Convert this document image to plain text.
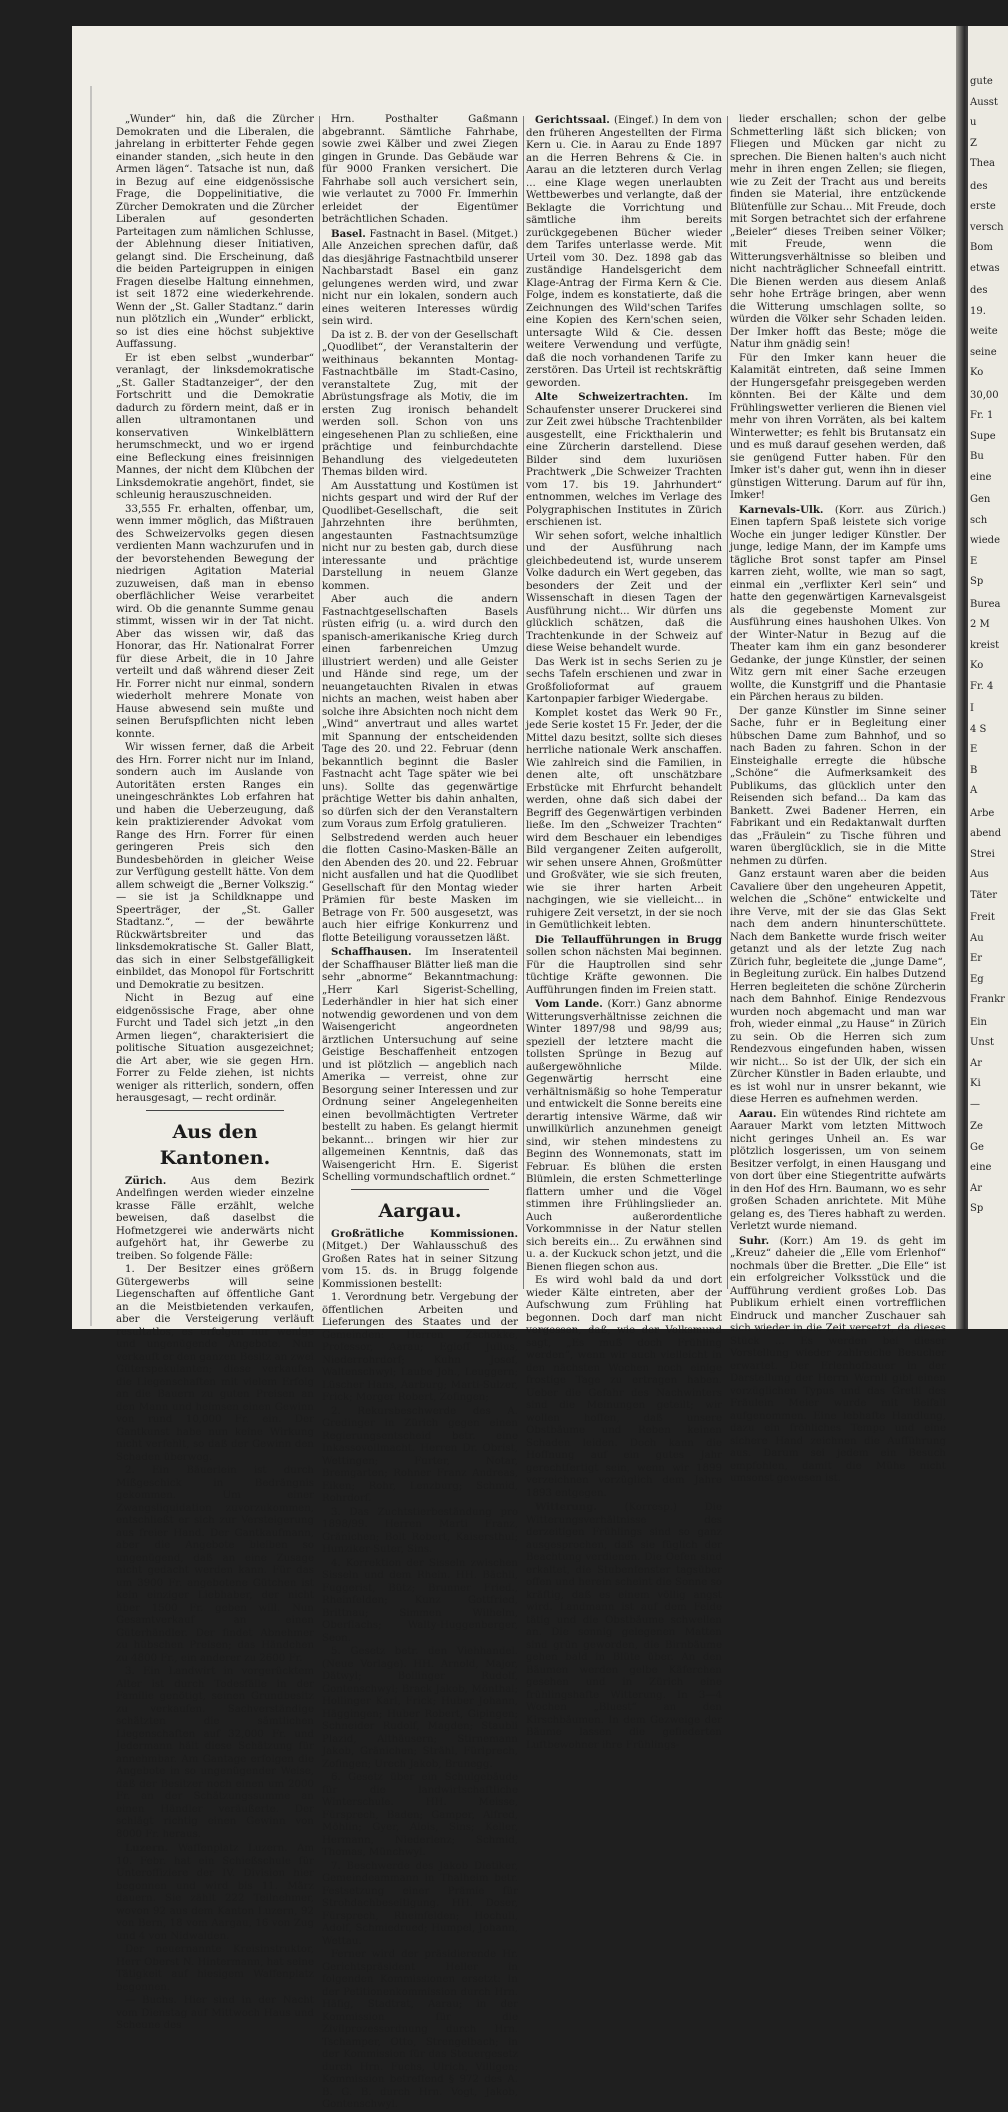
„Wunder“ hin, daß die Zürcher Demokraten und die Liberalen, die jahrelang in erbitterter Fehde gegen einander standen, „sich heute in den Armen lägen“. Tatsache ist nun, daß in Bezug auf eine eidgenössische Frage, die Doppelinitiative, die Zürcher Demokraten und die Zürcher Liberalen auf gesonderten Parteitagen zum nämlichen Schlusse, der Ablehnung dieser Initiativen, gelangt sind. Die Erscheinung, daß die beiden Parteigruppen in einigen Fragen dieselbe Haltung einnehmen, ist seit 1872 eine wiederkehrende. Wenn der „St. Galler Stadtanz.“ darin nun plötzlich ein „Wunder“ erblickt, so ist dies eine höchst subjektive Auffassung.

Er ist eben selbst „wunderbar“ veranlagt, der linksdemokratische „St. Galler Stadtanzeiger“, der den Fortschritt und die Demokratie dadurch zu fördern meint, daß er in allen ultramontanen und konservativen Winkelblättern herumschmeckt, und wo er irgend eine Befleckung eines freisinnigen Mannes, der nicht dem Klübchen der Linksdemokratie angehört, findet, sie schleunig herauszuschneiden.

33,555 Fr. erhalten, offenbar, um, wenn immer möglich, das Mißtrauen des Schweizervolks gegen diesen verdienten Mann wachzurufen und in der bevorstehenden Bewegung der niedrigen Agitation Material zuzuweisen, daß man in ebenso oberflächlicher Weise verarbeitet wird. Ob die genannte Summe genau stimmt, wissen wir in der Tat nicht. Aber das wissen wir, daß das Honorar, das Hr. Nationalrat Forrer für diese Arbeit, die in 10 Jahre verteilt und daß während dieser Zeit Hr. Forrer nicht nur einmal, sondern wiederholt mehrere Monate von Hause abwesend sein mußte und seinen Berufspflichten nicht leben konnte.

Wir wissen ferner, daß die Arbeit des Hrn. Forrer nicht nur im Inland, sondern auch im Auslande von Autoritäten ersten Ranges ein uneingeschränktes Lob erfahren hat und haben die Ueberzeugung, daß kein praktizierender Advokat vom Range des Hrn. Forrer für einen geringeren Preis sich den Bundesbehörden in gleicher Weise zur Verfügung gestellt hätte. Von dem allem schweigt die „Berner Volkszig.“ — sie ist ja Schildknappe und Speerträger, der „St. Galler Stadtanz.“, — der bewährte Rückwärtsbreiter und das linksdemokratische St. Galler Blatt, das sich in einer Selbstgefälligkeit einbildet, das Monopol für Fortschritt und Demokratie zu besitzen.

Nicht in Bezug auf eine eidgenössische Frage, aber ohne Furcht und Tadel sich jetzt „in den Armen liegen“, charakterisiert die politische Situation ausgezeichnet; die Art aber, wie sie gegen Hrn. Forrer zu Felde ziehen, ist nichts weniger als ritterlich, sondern, offen herausgesagt, — recht ordinär.

Aus den Kantonen.

Zürich. Aus dem Bezirk Andelfingen werden wieder einzelne krasse Fälle erzählt, welche beweisen, daß daselbst die Hofmetzgerei wie anderwärts nicht aufgehört hat, ihr Gewerbe zu treiben. So folgende Fälle:

1. Der Besitzer eines größern Gütergewerbs will seine Liegenschaften auf öffentliche Gant an die Meistbietenden verkaufen, aber die Versteigerung verläuft resultatlos, es erfolgen nur wenige und ungenügende Angebote. Nun verkauft er den ganzen Besitz an zwei Güterspekulanten; diese verkaufen die Liegenschaften mit vielem Erfolg an die Bauern zu guten Preisen an den Mann und heimsen einen Gewinn von rund 10,000 Fr. ein. Der Gantkunst habe nun keine Wirkung nicht verfehlt, so daß der Gewinn den Schaden überwog.

2. Ein Bäuerlein ist durch Mißgeschick in Bedrängnis gekommen. Um einer Zwangsliquidation zuvorzukommen, entschließt er sich zur Versteigerung aus freier Hand. Der Gantkaufmann, aber die Angebote bleiben so ungenügend, daß an eine Zusage nicht gedacht werden kann. Für das um 3900 Fr. angebotene Gütchen ist kein einziger Liebhaber, der nicht über 1500 Fr. geben will. Nun Gesamtverkauf an einen Güterhändler. Der findet Abnehmer zu hübschen Preisen; das Händchen zu 4800 Fr., ein anderer zu 2600 Fr.

3. Ein Landwirt in vorgerücktem Alter ist durch Todesfälle in der Familie genötigt, seinen Grundbesitz zu verkaufen. Sachverständige schätzten die sämtlichen Liegenschaften auf 32,000 Fr. und Jedermann hält diese Schätzung für annehmbar. Am Gantage erfolgen die Angebote in so ungenügender Weise, daß der Besitzer noch einen um 2000 Fr. an der Schätzungssumme an einen Händler veräußerte. Der schlägt richtig einen Gewinn von 8000 Fr. heraus.

Luzern. Waffenplatz Luzern. Am 10. Febr. hat ein Schießschule für Unteroffiziere der IV. Division hier begonnen und wird bis 11. März dauern. Sie zählt 222 Teilnehmer, wovon 92 aus dem Kanton Luzern, 92 von Bern, 18 vom Aargau, 16 von Zug und 4 von Nidwalden.

Der neuernannte Kreisinstruktor, Herr Oberst N. Hintermann, hat seine Tätigkeit auf hiesigem Waffenplatz begonnen.

— Buchs. Hier sind in der Nacht vom Dienstag auf Mittwoch Haus und Scheune des

Hrn. Posthalter Gaßmann abgebrannt. Sämtliche Fahrhabe, sowie zwei Kälber und zwei Ziegen gingen in Grunde. Das Gebäude war für 9000 Franken versichert. Die Fahrhabe soll auch versichert sein, wie verlautet zu 7000 Fr. Immerhin erleidet der Eigentümer beträchtlichen Schaden.

Basel. Fastnacht in Basel. (Mitget.) Alle Anzeichen sprechen dafür, daß das diesjährige Fastnachtbild unserer Nachbarstadt Basel ein ganz gelungenes werden wird, und zwar nicht nur ein lokalen, sondern auch eines weiteren Interesses würdig sein wird.

Da ist z. B. der von der Gesellschaft „Quodlibet“, der Veranstalterin der weithinaus bekannten Montag-Fastnachtbälle im Stadt-Casino, veranstaltete Zug, mit der Abrüstungsfrage als Motiv, die im ersten Zug ironisch behandelt werden soll. Schon von uns eingesehenen Plan zu schließen, eine prächtige und feinburchdachte Behandlung des vielgedeuteten Themas bilden wird.

Am Ausstattung und Kostümen ist nichts gespart und wird der Ruf der Quodlibet-Gesellschaft, die seit Jahrzehnten ihre berühmten, angestaunten Fastnachtsumzüge nicht nur zu besten gab, durch diese interessante und prächtige Darstellung in neuem Glanze kommen.

Aber auch die andern Fastnachtgesellschaften Basels rüsten eifrig (u. a. wird durch den spanisch-amerikanische Krieg durch einen farbenreichen Umzug illustriert werden) und alle Geister und Hände sind rege, um der neuangetauchten Rivalen in etwas nichts an machen, weist haben aber solche ihre Absichten noch nicht dem „Wind“ anvertraut und alles wartet mit Spannung der entscheidenden Tage des 20. und 22. Februar (denn bekanntlich beginnt die Basler Fastnacht acht Tage später wie bei uns). Sollte das gegenwärtige prächtige Wetter bis dahin anhalten, so dürfen sich der den Veranstaltern zum Voraus zum Erfolg gratulieren.

Selbstredend werden auch heuer die flotten Casino-Masken-Bälle an den Abenden des 20. und 22. Februar nicht ausfallen und hat die Quodlibet Gesellschaft für den Montag wieder Prämien für beste Masken im Betrage von Fr. 500 ausgesetzt, was auch hier eifrige Konkurrenz und flotte Beteiligung voraussetzen läßt.

Schaffhausen. Im Inseratenteil der Schaffhauser Blätter ließ man die sehr „abnorme“ Bekanntmachung: „Herr Karl Sigerist-Schelling, Lederhändler in hier hat sich einer notwendig gewordenen und von dem Waisengericht angeordneten ärztlichen Untersuchung auf seine Geistige Beschaffenheit entzogen und ist plötzlich — angeblich nach Amerika — verreist, ohne zur Besorgung seiner Interessen und zur Ordnung seiner Angelegenheiten einen bevollmächtigten Vertreter bestellt zu haben. Es gelangt hiermit bekannt... bringen wir hier zur allgemeinen Kenntnis, daß das Waisengericht Hrn. E. Sigerist Schelling vormundschaftlich ordnet.“

Aargau.

Großrätliche Kommissionen. (Mitget.) Der Wahlausschuß des Großen Rates hat in seiner Sitzung vom 15. ds. in Brugg folgende Kommissionen bestellt:

1. Verordnung betr. Vergebung der öffentlichen Arbeiten und Lieferungen des Staates und der Gemeinden: Herren Zschokke, Professor, Aarau; Egloff Julius, Niederrohrdorf; Kuhn Josef, Waltenschwyl; Laube Joh., Leuggern; Lüscher Hans, Aarburg; Marti-Sulzer, Frick; Morger Robert, Zofingen;

2. Rekursbeschwerde des A. Gredinger in Zürich gegen einen Regierungsentscheid betr. eine Inkassovollmacht. Herren Dr. Obrist, Wettingen; Furter, Notar, Bremgarten; Rohner Franz Andreas, Eiken; Rohr, Lenzburg; Schmid, Rohrdorf.

3. Das Zuchtstierbeständung pro 1898/99. Herren Marti Franz, Gränichen; Bolt Robert, Kaisersthul; Hunziker-Suter, Sins.

4. Korrektion der Sisseln zwischen Sisseln und dem Rhein. HH. Bächli, Fuggerist, Bütz; Brunner Fried., Rheinfelden; Kunz Gottfried, Brittnau; Simmen Wilhelm, Oberflachs; Walty-Huggenberger, Seon.

5. Gesetz betr. den Viehhandel. (Neue Vorlage). HH. Arnold, Major, Dätwyl; Bollinger Rudolf, Gontenschwyl; Brack Jakob, Mönthal; Hollinger Karl, Frick; Huber Johann, Häggingen; Huber Robert, Gipingen; Schneider Rudolf, Magden; Staubli Plazid, Althäusern; Stirnemann Jakob, Gränichen; Strähl, Fürlprech, Zofingen; Urech Jakob, Brunegg.

6. Gesetz über ein Schulgebäude für die landwirtschaftliche Winterschule. HH. Meisse, Fürsprech, Baden; Gamper, Alfred, Möhlin; Gyer, Alois, Sins; Keller, Hermann, Niederlenz; Schmid, Thomas, Münchwyl.

7. Beschwerde des Jakob Dietiker, Gemeindeammann in Thalheim betr. Festsetzung einer Prämie für Strohdachbeseitigung. HH. Doser, Fürsprech, Rheinfelden; Hochuli, Adolf, Schmiedrued; Humpel, Johann, Wettau.

Ferner wird der präsidierende Hr. Gerichtspräsident Heller in folgenden Kommissionen ersetzt: In der Petitionenkommission durch Hrn. Häfig, Stadtrat, Aarau; in der Kommission für die Zivilprozessordnung durch Hrn. Tschamper, Otto, Strengelbach; in der Kommission für das Steuergesetz durch Hrn. Fuchs, Ulrich, Villigen; Kommission betreffend § 972 des A. B. G. B. durch Hrn. Vogt, Jakob, Gontenschwyl.

Gerichtssaal. (Eingef.) In dem von den früheren Angestellten der Firma Kern u. Cie. in Aarau zu Ende 1897 an die Herren Behrens & Cie. in Aarau an die letzteren durch Verlag ... eine Klage wegen unerlaubten Wettbewerbes und verlangte, daß der Beklagte die Vorrichtung und sämtliche ihm bereits zurückgegebenen Bücher wieder dem Tarifes unterlasse werde. Mit Urteil vom 30. Dez. 1898 gab das zuständige Handelsgericht dem Klage-Antrag der Firma Kern & Cie. Folge, indem es konstatierte, daß die Zeichnungen des Wild'schen Tarifes eine Kopien des Kern'schen seien, untersagte Wild & Cie. dessen weitere Verwendung und verfügte, daß die noch vorhandenen Tarife zu zerstören. Das Urteil ist rechtskräftig geworden.

Alte Schweizertrachten. Im Schaufenster unserer Druckerei sind zur Zeit zwei hübsche Trachtenbilder ausgestellt, eine Frickthalerin und eine Zürcherin darstellend. Diese Bilder sind dem luxuriösen Prachtwerk „Die Schweizer Trachten vom 17. bis 19. Jahrhundert“ entnommen, welches im Verlage des Polygraphischen Institutes in Zürich erschienen ist.

Wir sehen sofort, welche inhaltlich und der Ausführung nach gleichbedeutend ist, wurde unserem Volke dadurch ein Wert gegeben, das besonders der Zeit und der Wissenschaft in diesen Tagen der Ausführung nicht... Wir dürfen uns glücklich schätzen, daß die Trachtenkunde in der Schweiz auf diese Weise behandelt wurde.

Das Werk ist in sechs Serien zu je sechs Tafeln erschienen und zwar in Großfolioformat auf grauem Kartonpapier farbiger Wiedergabe.

Komplet kostet das Werk 90 Fr., jede Serie kostet 15 Fr. Jeder, der die Mittel dazu besitzt, sollte sich dieses herrliche nationale Werk anschaffen. Wie zahlreich sind die Familien, in denen alte, oft unschätzbare Erbstücke mit Ehrfurcht behandelt werden, ohne daß sich dabei der Begriff des Gegenwärtigen verbinden ließe. Im den „Schweizer Trachten“ wird dem Beschauer ein lebendiges Bild vergangener Zeiten aufgerollt, wir sehen unsere Ahnen, Großmütter und Großväter, wie sie sich freuten, wie sie ihrer harten Arbeit nachgingen, wie sie vielleicht... in ruhigere Zeit versetzt, in der sie noch in Gemütlichkeit lebten.

Die Tellaufführungen in Brugg sollen schon nächsten Mai beginnen. Für die Hauptrollen sind sehr tüchtige Kräfte gewonnen. Die Aufführungen finden im Freien statt.

Vom Lande. (Korr.) Ganz abnorme Witterungsverhältnisse zeichnen die Winter 1897/98 und 98/99 aus; speziell der letztere macht die tollsten Sprünge in Bezug auf außergewöhnliche Milde. Gegenwärtig herrscht eine verhältnismäßig so hohe Temperatur und entwickelt die Sonne bereits eine derartig intensive Wärme, daß wir unwillkürlich anzunehmen geneigt sind, wir stehen mindestens zu Beginn des Wonnemonats, statt im Februar. Es blühen die ersten Blümlein, die ersten Schmetterlinge flattern umher und die Vögel stimmen ihre Frühlingslieder an. Auch außerordentliche Vorkommnisse in der Natur stellen sich bereits ein... Zu erwähnen sind u. a. der Kuckuck schon jetzt, und die Bienen fliegen schon aus.

Es wird wohl bald da und dort wieder Kälte eintreten, aber der Aufschwung zum Frühling hat begonnen. Doch darf man nicht vergessen, daß, wie der Volksmund sagt, „Es muß doch Frühling werden“, wenn wir auch vielleicht in den nächsten Wochen noch einige frostige Tage zu ertragen haben. Ueber die Gefahr des Nachwinters sind die Meinungen geteilt; wir wollen hoffen, daß unsere Obstbäume und Reben keinen Schaden leiden. Doch kann die Hoffnung auf ein gutes Jahr gerechtfertigt sein, wenn wir 1899 verzeichnen vorzüglich dem Jahre 1893 entgegen.

Witterung.	(Korresp.) Die Witterungsverhältnisse des derzeitigen Frühlings sind so ganz ausgesprochen, daß sie füglich der Beachtung verdienen. Die Oefen sind erkaltet, die Stubenfenster tagsüber offen und herein scheint die Sonne so kräftig, daß es einem völlig angst wird. Landmann ist auf dem Felde tätig und die Obstbäume schwellen an. Die sonnig gelegenen Matten sind grün geworden, die Birnbäume gehen bald in Blüte über. An den Bäumen werden gelbe Käferchen gesehen und in Zürich eine frühlingshafte Witterung. In 3—4 Wochen „Bluest“ an den Kirschbäumen. In dem Gezweige der Bäume lassen die gefiederten Luftbewohner ihre Frühlings-

lieder erschallen; schon der gelbe Schmetterling läßt sich blicken; von Fliegen und Mücken gar nicht zu sprechen. Die Bienen halten's auch nicht mehr in ihren engen Zellen; sie fliegen, wie zu Zeit der Tracht aus und bereits finden sie Material, ihre entzückende Blütenfülle zur Schau... Mit Freude, doch mit Sorgen betrachtet sich der erfahrene „Beieler“ dieses Treiben seiner Völker; mit Freude, wenn die Witterungsverhältnisse so bleiben und nicht nachträglicher Schneefall eintritt. Die Bienen werden aus diesem Anlaß sehr hohe Erträge bringen, aber wenn die Witterung umschlagen sollte, so würden die Völker sehr Schaden leiden. Der Imker hofft das Beste; möge die Natur ihm gnädig sein!

Für den Imker kann heuer die Kalamität eintreten, daß seine Immen der Hungersgefahr preisgegeben werden könnten. Bei der Kälte und dem Frühlingswetter verlieren die Bienen viel mehr von ihren Vorräten, als bei kaltem Winterwetter; es fehlt bis Brutansatz ein und es muß darauf gesehen werden, daß sie genügend Futter haben. Für den Imker ist's daher gut, wenn ihn in dieser günstigen Witterung. Darum auf für ihn, Imker!

Karnevals-Ulk. (Korr. aus Zürich.) Einen tapfern Spaß leistete sich vorige Woche ein junger lediger Künstler. Der junge, ledige Mann, der im Kampfe ums tägliche Brot sonst tapfer am Pinsel karren zieht, wollte, wie man so sagt, einmal ein „verflixter Kerl sein“ und hatte den gegenwärtigen Karnevalsgeist als die gegebenste Moment zur Ausführung eines haushohen Ulkes. Von der Winter-Natur in Bezug auf die Theater kam ihm ein ganz besonderer Gedanke, der junge Künstler, der seinen Witz gern mit einer Sache erzeugen wollte, die Kunstgriff und die Phantasie ein Pärchen heraus zu bilden.

Der ganze Künstler im Sinne seiner Sache, fuhr er in Begleitung einer hübschen Dame zum Bahnhof, und so nach Baden zu fahren. Schon in der Einsteighalle erregte die hübsche „Schöne“ die Aufmerksamkeit des Publikums, das glücklich unter den Reisenden sich befand... Da kam das Bankett. Zwei Badener Herren, ein Fabrikant und ein Redaktanwalt durften das „Fräulein“ zu Tische führen und waren überglücklich, sie in die Mitte nehmen zu dürfen.

Ganz erstaunt waren aber die beiden Cavaliere über den ungeheuren Appetit, welchen die „Schöne“ entwickelte und ihre Verve, mit der sie das Glas Sekt nach dem andern hinunterschüttete. Nach dem Bankette wurde frisch weiter getanzt und als der letzte Zug nach Zürich fuhr, begleitete die „junge Dame“, in Begleitung zurück. Ein halbes Dutzend Herren begleiteten die schöne Zürcherin nach dem Bahnhof. Einige Rendezvous wurden noch abgemacht und man war froh, wieder einmal „zu Hause“ in Zürich zu sein. Ob die Herren sich zum Rendezvous eingefunden haben, wissen wir nicht... So ist der Ulk, der sich ein Zürcher Künstler in Baden erlaubte, und es ist wohl nur in unsrer bekannt, wie diese Herren es aufnehmen werden.

Aarau. Ein wütendes Rind richtete am Aarauer Markt vom letzten Mittwoch nicht geringes Unheil an. Es war plötzlich losgerissen, um von seinem Besitzer verfolgt, in einen Hausgang und von dort über eine Stiegentritte aufwärts in den Hof des Hrn. Baumann, wo es sehr großen Schaden anrichtete. Mit Mühe gelang es, des Tieres habhaft zu werden. Verletzt wurde niemand.

Suhr. (Korr.) Am 19. ds geht im „Kreuz“ daheier die „Elle vom Erlenhof“ nochmals über die Bretter. „Die Elle“ ist ein erfolgreicher Volksstück und die Aufführung verdient großes Lob. Das Publikum erhielt einen vortrefflichen Eindruck und mancher Zuschauer sah sich wieder in die Zeit versetzt, da dieses Stück ... Es werden bei dieser Vorstellung wieder zahlreiche Besucher erwartet. Der Erlenhofbauer in der Darstellung der Herrn Wernli gibt einen vorzüglichen Typus und das Gretli des Fräulein Meier wurde mit Beifall aufgenommen. Eine lebhafte Handlung, dazu ein fröhliches Tempo und eine sichere Hand zeichnen die Aufführung aus. Darum sei jedem ein Besuch empfohlen, damit die Mühe nicht umsonst gewesen ist.

gute
Ausst
u
Z
Thea
des
erste
versch
Bom
etwas
des
19.
weite
seine
Ko
30,00
Fr. 1
Supe
Bu
eine
Gen
sch
wiede
E
Sp
Burea
2 M
kreist
Ko
Fr. 4
I
4 S
E
B
A
Arbe
abend
Strei
Aus
Täter
Freit
Au
Er
Eg
Frankr
Ein
Unst
Ar
Ki
—
Ze
Ge
eine
Ar
Sp
